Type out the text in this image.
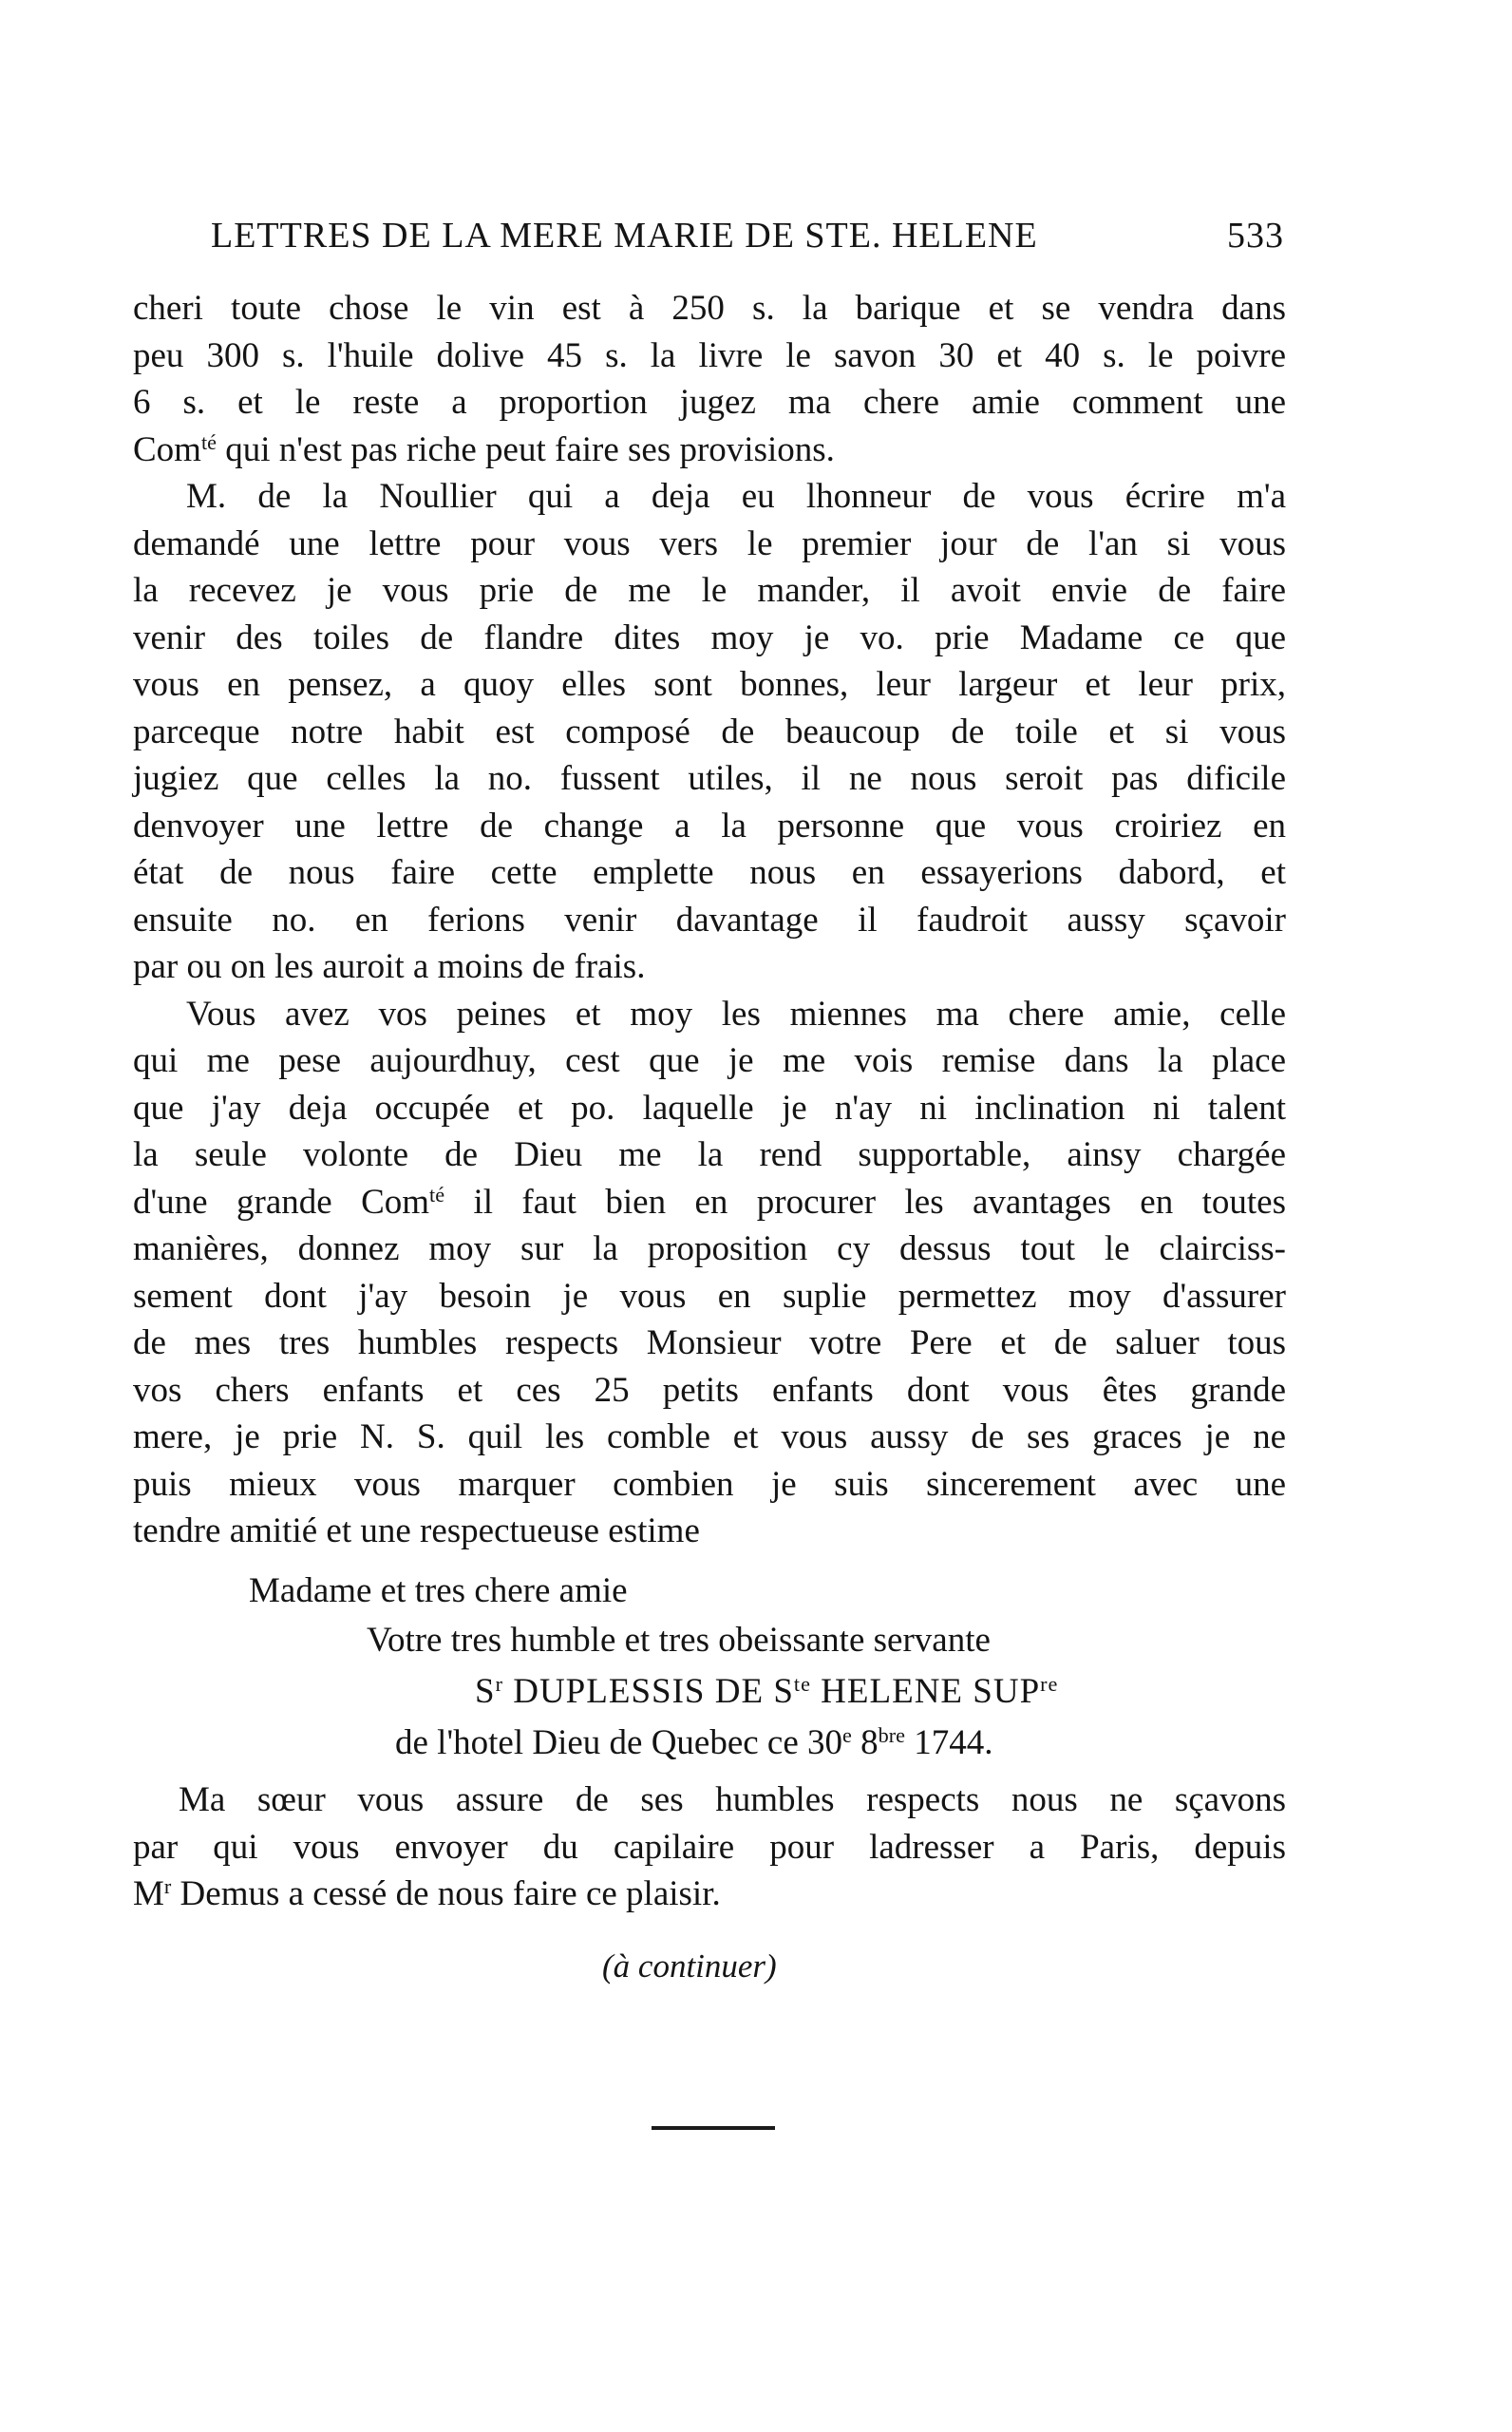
LETTRES DE LA MERE MARIE DE STE. HELENE	533

cheri toute chose le vin est à 250 s. la barique et se vendra dans
peu 300 s. l'huile dolive 45 s. la livre le savon 30 et 40 s. le poivre
6 s. et le reste a proportion jugez ma chere amie comment une
Com$^{té}$ qui n'est pas riche peut faire ses provisions.

M. de la Noullier qui a deja eu lhonneur de vous écrire m'a
demandé une lettre pour vous vers le premier jour de l'an si vous
la recevez je vous prie de me le mander, il avoit envie de faire
venir des toiles de flandre dites moy je vo. prie Madame ce que
vous en pensez, a quoy elles sont bonnes, leur largeur et leur prix,
parceque notre habit est composé de beaucoup de toile et si vous
jugiez que celles la no. fussent utiles, il ne nous seroit pas dificile
denvoyer une lettre de change a la personne que vous croiriez en
état de nous faire cette emplette nous en essayerions dabord, et
ensuite no. en ferions venir davantage il faudroit aussy sçavoir
par ou on les auroit a moins de frais.

Vous avez vos peines et moy les miennes ma chere amie, celle
qui me pese aujourdhuy, cest que je me vois remise dans la place
que j'ay deja occupée et po. laquelle je n'ay ni inclination ni talent
la seule volonte de Dieu me la rend supportable, ainsy chargée
d'une grande Com$^{té}$ il faut bien en procurer les avantages en toutes
manières, donnez moy sur la proposition cy dessus tout le clairciss-
sement dont j'ay besoin je vous en suplie permettez moy d'assurer
de mes tres humbles respects Monsieur votre Pere et de saluer tous
vos chers enfants et ces 25 petits enfants dont vous êtes grande
mere, je prie N. S. quil les comble et vous aussy de ses graces je ne
puis mieux vous marquer combien je suis sincerement avec une
tendre amitié et une respectueuse estime

Madame et tres chere amie
Votre tres humble et tres obeissante servante
$S^r$ DUPLESSIS DE $S^{te}$ HELENE $SUP^{re}$
de l'hotel Dieu de Quebec ce 30e $8^{bre}$ 1744.
Ma sœur vous assure de ses humbles respects nous ne sçavons
par qui vous envoyer du capilaire pour ladresser a Paris, depuis
$M^r$ Demus a cessé de nous faire ce plaisir.
(à continuer)
